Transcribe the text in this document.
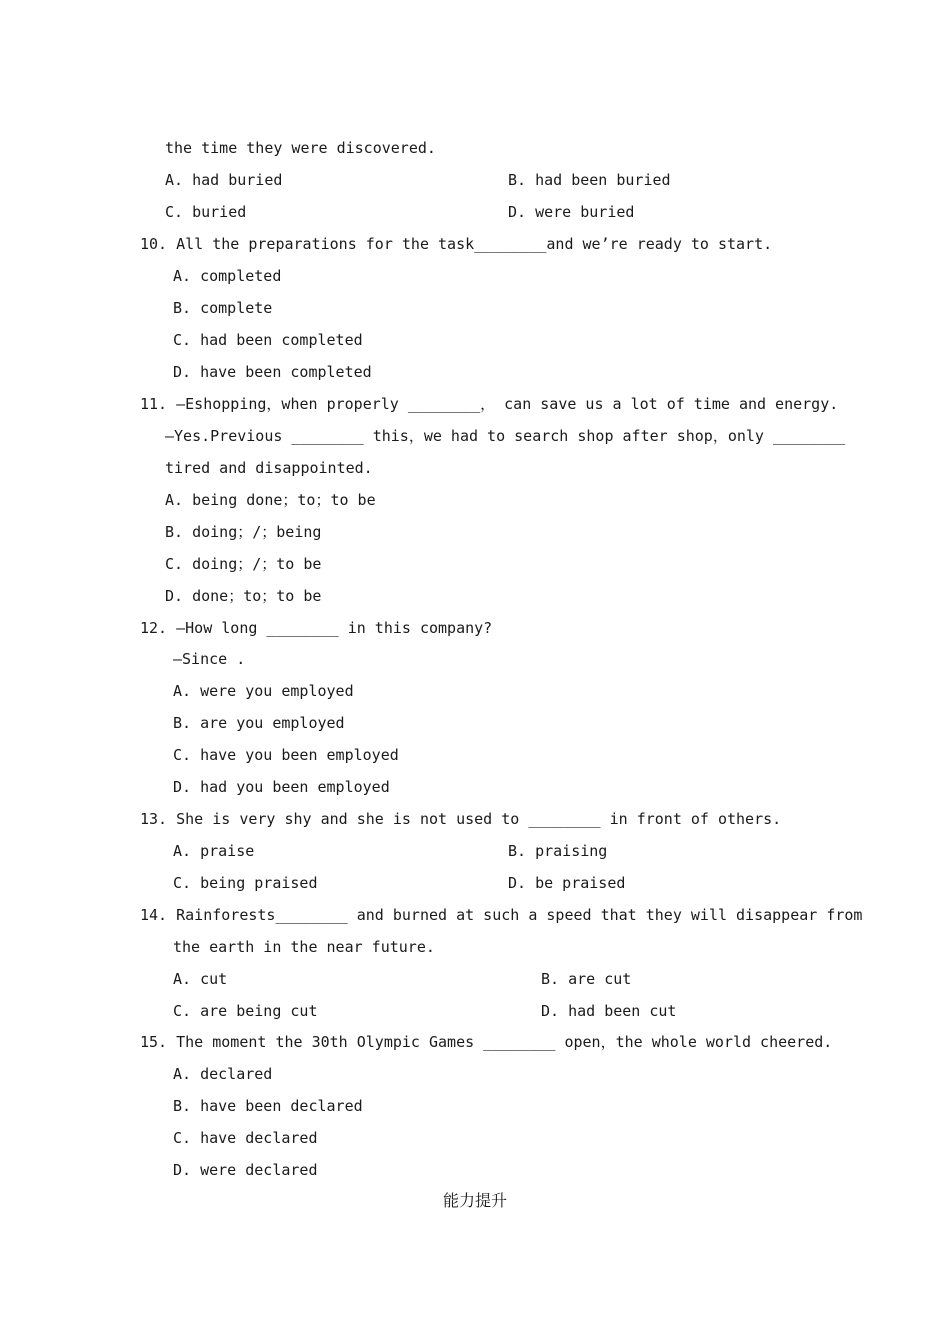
the time they were discovered.
A. had buried	B. had been buried
C. buried	D. were buried
10. All the preparations for the task________and we’re ready to start.
A. completed
B. complete
C. had been completed
D. have been completed
11. —Eshopping，when properly ________， can save us a lot of time and energy.
—Yes.Previous ________ this，we had to search shop after shop，only ________
tired and disappointed.
A. being done；to；to be
B. doing；/；being
C. doing；/；to be
D. done；to；to be
12. —How long ________ in this company?
—Since .
A. were you employed
B. are you employed
C. have you been employed
D. had you been employed
13. She is very shy and she is not used to ________ in front of others.
A. praise	B. praising
C. being praised	D. be praised
14. Rainforests________ and burned at such a speed that they will disappear from
the earth in the near future.
A. cut	B. are cut
C. are being cut	D. had been cut
15. The moment the 30th Olympic Games ________ open，the whole world cheered.
A. declared
B. have been declared
C. have declared
D. were declared
能力提升
